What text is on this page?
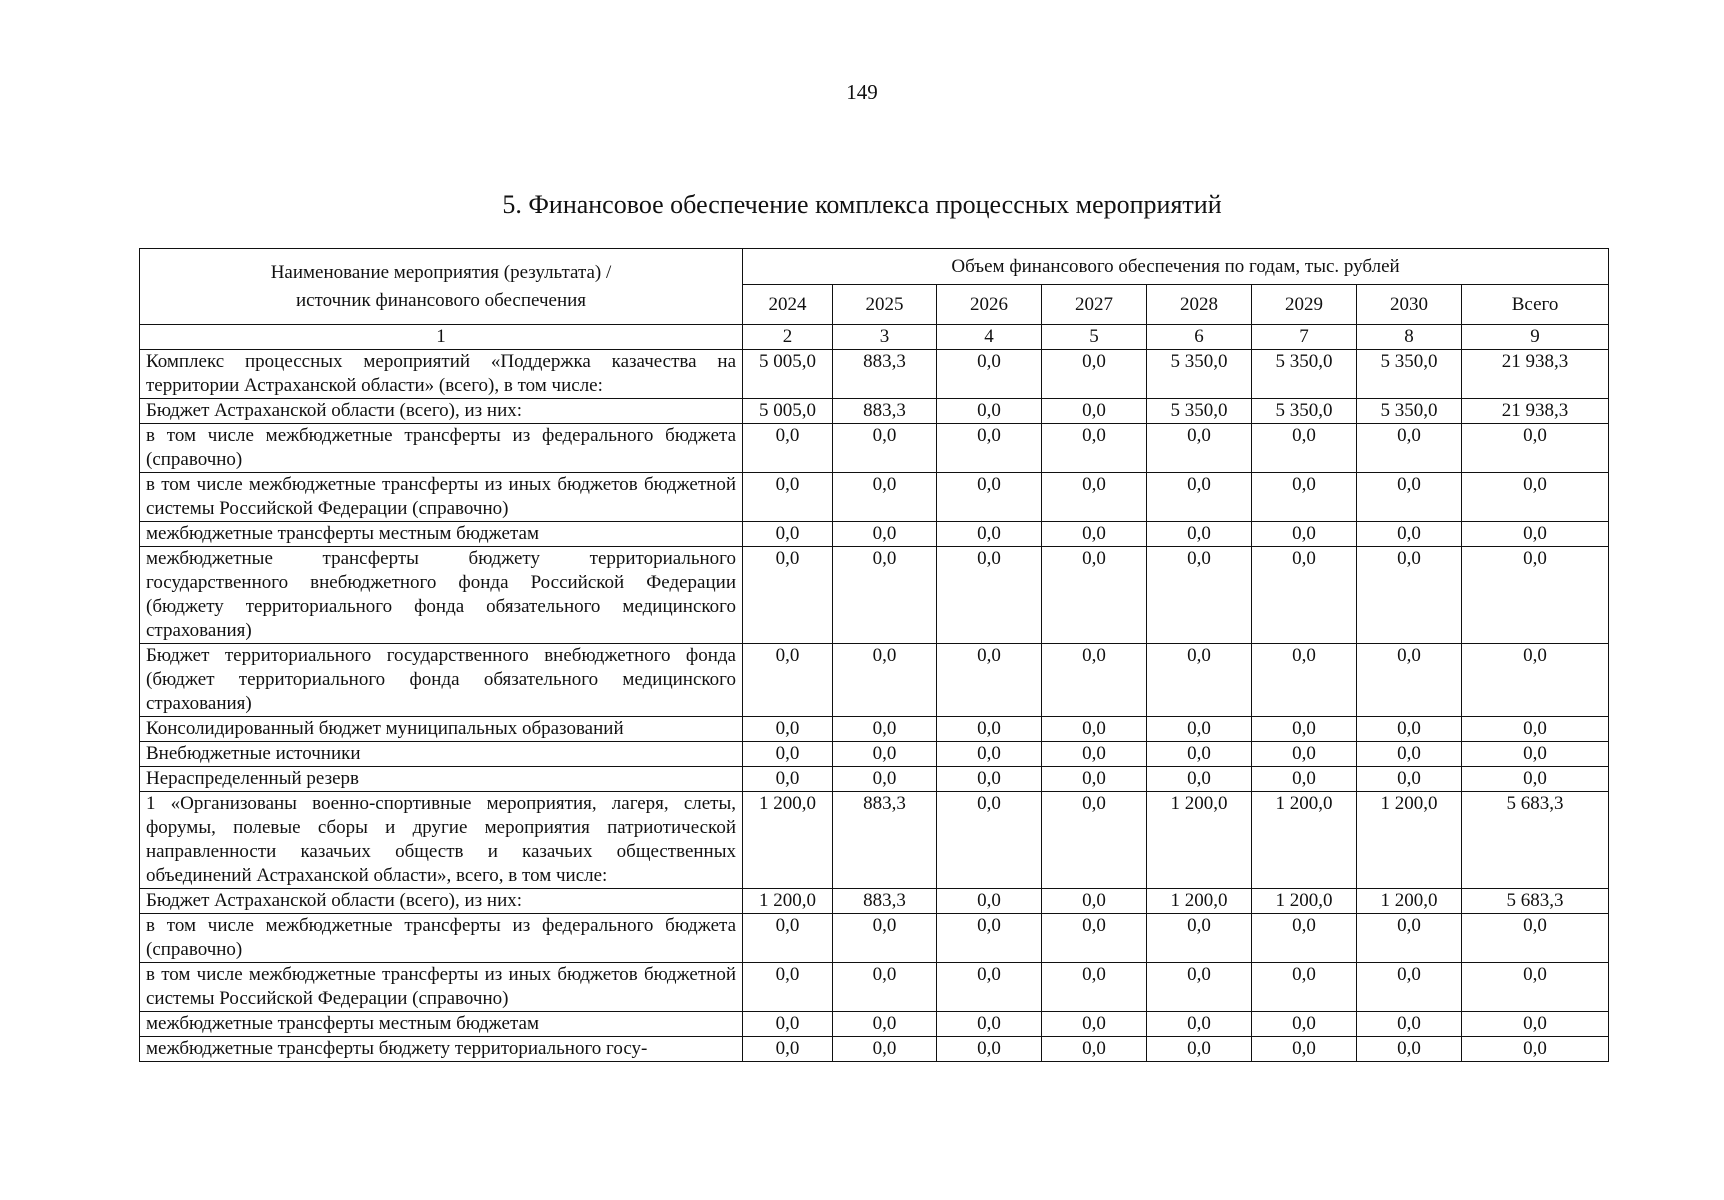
149
5. Финансовое обеспечение комплекса процессных мероприятий
Наименование мероприятия (результата) /
источник финансового обеспечения	Объем финансового обеспечения по годам, тыс. рублей							
	2024	2025	2026	2027	2028	2029	2030	Всего
1	2	3	4	5	6	7	8	9
Комплекс процессных мероприятий «Поддержка казачества на территории Астраханской области» (всего), в том числе:	5 005,0	883,3	0,0	0,0	5 350,0	5 350,0	5 350,0	21 938,3
Бюджет Астраханской области (всего), из них:	5 005,0	883,3	0,0	0,0	5 350,0	5 350,0	5 350,0	21 938,3
в том числе межбюджетные трансферты из федерального бюджета (справочно)	0,0	0,0	0,0	0,0	0,0	0,0	0,0	0,0
в том числе межбюджетные трансферты из иных бюджетов бюджетной системы Российской Федерации (справочно)	0,0	0,0	0,0	0,0	0,0	0,0	0,0	0,0
межбюджетные трансферты местным бюджетам	0,0	0,0	0,0	0,0	0,0	0,0	0,0	0,0
межбюджетные трансферты бюджету территориального государственного внебюджетного фонда Российской Федерации (бюджету территориального фонда обязательного медицинского страхования)	0,0	0,0	0,0	0,0	0,0	0,0	0,0	0,0
Бюджет территориального государственного внебюджетного фонда (бюджет территориального фонда обязательного медицинского страхования)	0,0	0,0	0,0	0,0	0,0	0,0	0,0	0,0
Консолидированный бюджет муниципальных образований	0,0	0,0	0,0	0,0	0,0	0,0	0,0	0,0
Внебюджетные источники	0,0	0,0	0,0	0,0	0,0	0,0	0,0	0,0
Нераспределенный резерв	0,0	0,0	0,0	0,0	0,0	0,0	0,0	0,0
1 «Организованы военно-спортивные мероприятия, лагеря, слеты, форумы, полевые сборы и другие мероприятия патриотической направленности казачьих обществ и казачьих общественных объединений Астраханской области», всего, в том числе:	1 200,0	883,3	0,0	0,0	1 200,0	1 200,0	1 200,0	5 683,3
Бюджет Астраханской области (всего), из них:	1 200,0	883,3	0,0	0,0	1 200,0	1 200,0	1 200,0	5 683,3
в том числе межбюджетные трансферты из федерального бюджета (справочно)	0,0	0,0	0,0	0,0	0,0	0,0	0,0	0,0
в том числе межбюджетные трансферты из иных бюджетов бюджетной системы Российской Федерации (справочно)	0,0	0,0	0,0	0,0	0,0	0,0	0,0	0,0
межбюджетные трансферты местным бюджетам	0,0	0,0	0,0	0,0	0,0	0,0	0,0	0,0
межбюджетные трансферты бюджету территориального госу-	0,0	0,0	0,0	0,0	0,0	0,0	0,0	0,0
